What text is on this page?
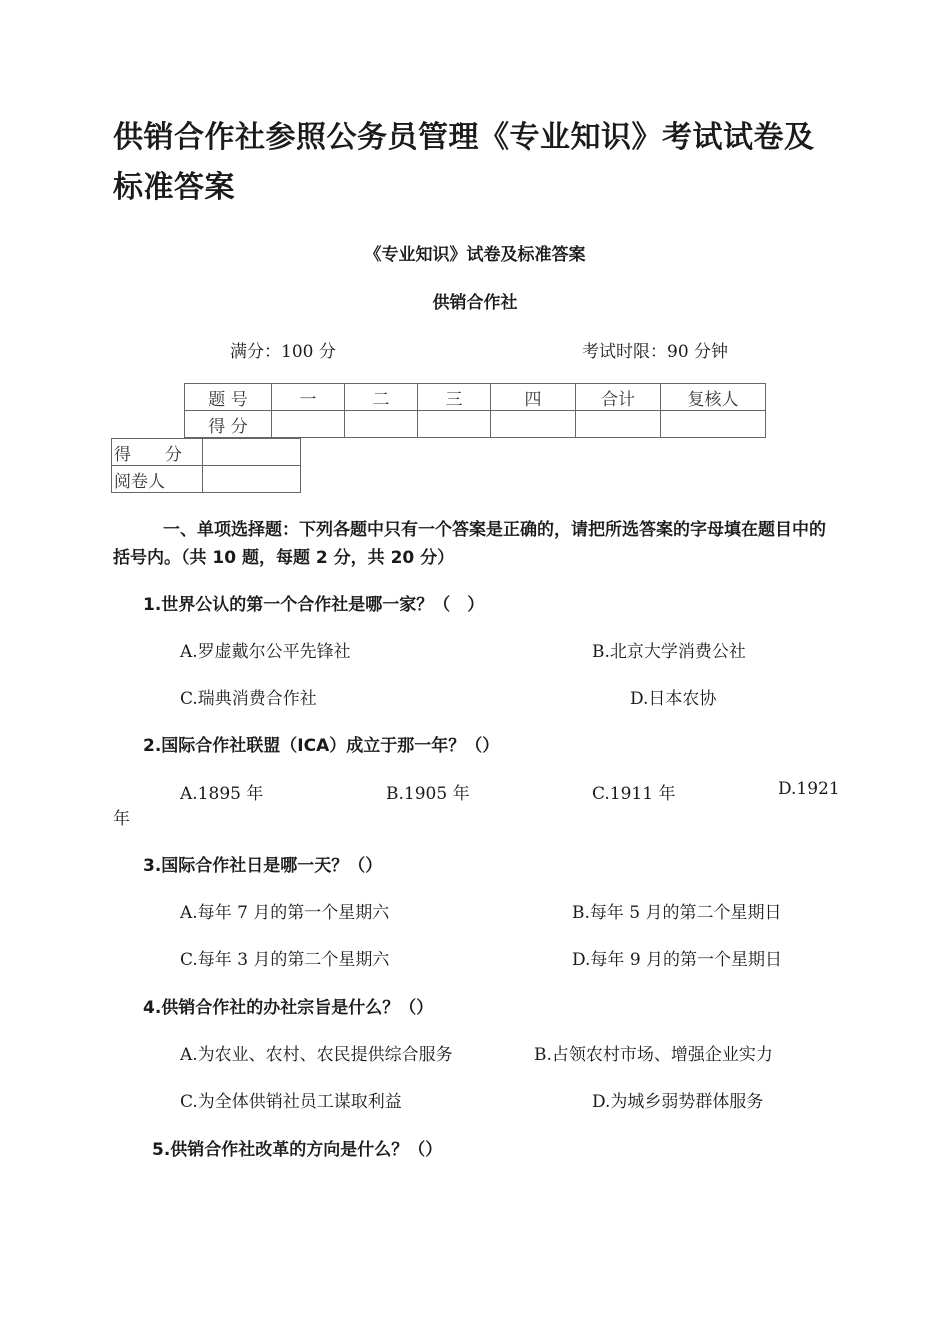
供销合作社参照公务员管理《专业知识》考试试卷及标准答案
《专业知识》试卷及标准答案
供销合作社
满分：100 分	考试时限：90 分钟
题 号	一	二	三	四	合计	复核人
得 分						
得　　分	
阅卷人	
一、单项选择题：下列各题中只有一个答案是正确的，请把所选答案的字母填在题目中的括号内。（共 10 题，每题 2 分，共 20 分）
1.世界公认的第一个合作社是哪一家？（　）
A.罗虚戴尔公平先锋社	B.北京大学消费公社
C.瑞典消费合作社	D.日本农协
2.国际合作社联盟（ICA）成立于那一年？（）
A.1895 年	B.1905 年	C.1911 年	D.1921
年
3.国际合作社日是哪一天？（）
A.每年 7 月的第一个星期六	B.每年 5 月的第二个星期日
C.每年 3 月的第二个星期六	D.每年 9 月的第一个星期日
4.供销合作社的办社宗旨是什么？（）
A.为农业、农村、农民提供综合服务	B.占领农村市场、增强企业实力
C.为全体供销社员工谋取利益	D.为城乡弱势群体服务
5.供销合作社改革的方向是什么？（）
